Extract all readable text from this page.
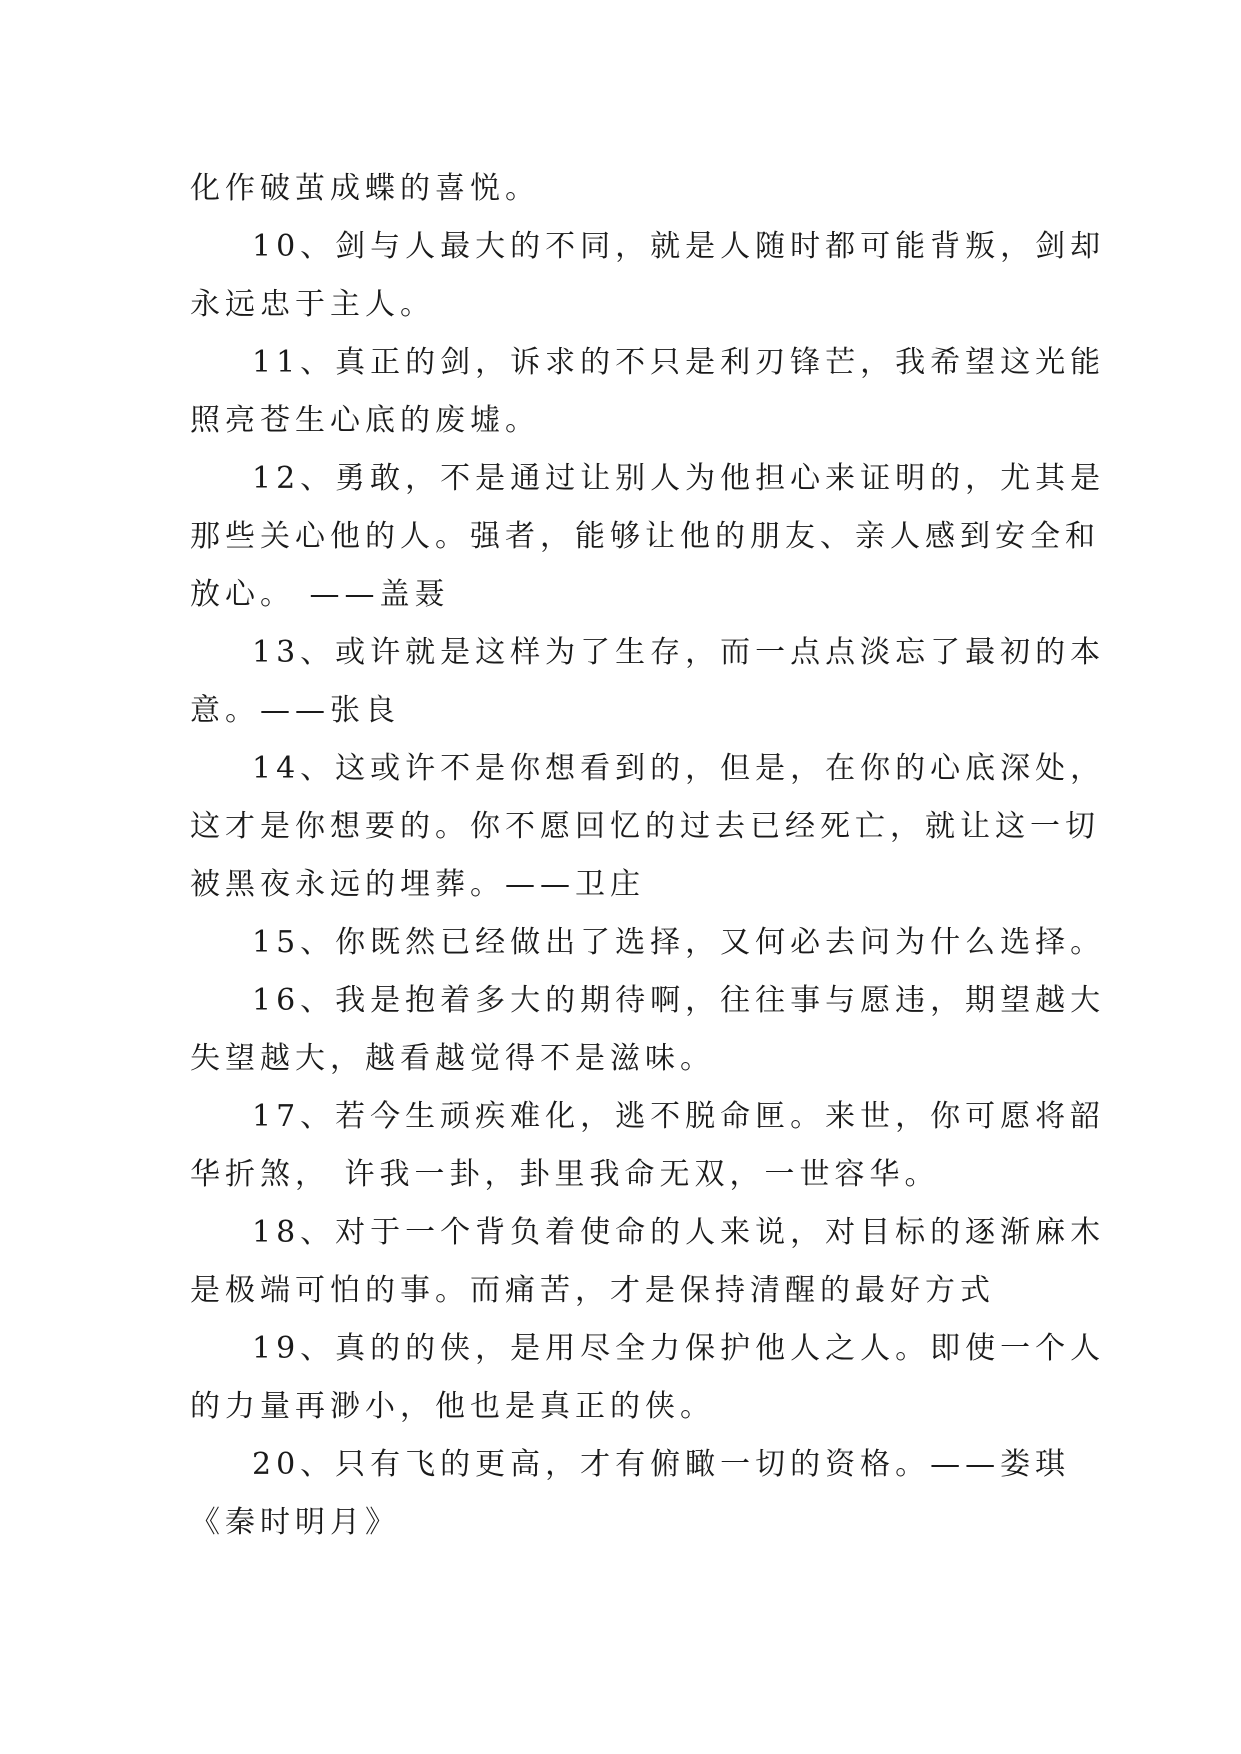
化作破茧成蝶的喜悦。

10、剑与人最大的不同，就是人随时都可能背叛，剑却
永远忠于主人。

11、真正的剑，诉求的不只是利刃锋芒，我希望这光能
照亮苍生心底的废墟。

12、勇敢，不是通过让别人为他担心来证明的，尤其是
那些关心他的人。强者，能够让他的朋友、亲人感到安全和
放心。 ——盖聂

13、或许就是这样为了生存，而一点点淡忘了最初的本
意。——张良

14、这或许不是你想看到的，但是，在你的心底深处，
这才是你想要的。你不愿回忆的过去已经死亡，就让这一切
被黑夜永远的埋葬。——卫庄

15、你既然已经做出了选择，又何必去问为什么选择。

16、我是抱着多大的期待啊，往往事与愿违，期望越大
失望越大，越看越觉得不是滋味。

17、若今生顽疾难化，逃不脱命匣。来世，你可愿将韶
华折煞， 许我一卦，卦里我命无双，一世容华。

18、对于一个背负着使命的人来说，对目标的逐渐麻木
是极端可怕的事。而痛苦，才是保持清醒的最好方式

19、真的的侠，是用尽全力保护他人之人。即使一个人
的力量再渺小，他也是真正的侠。

20、只有飞的更高，才有俯瞰一切的资格。——娄琪
《秦时明月》
